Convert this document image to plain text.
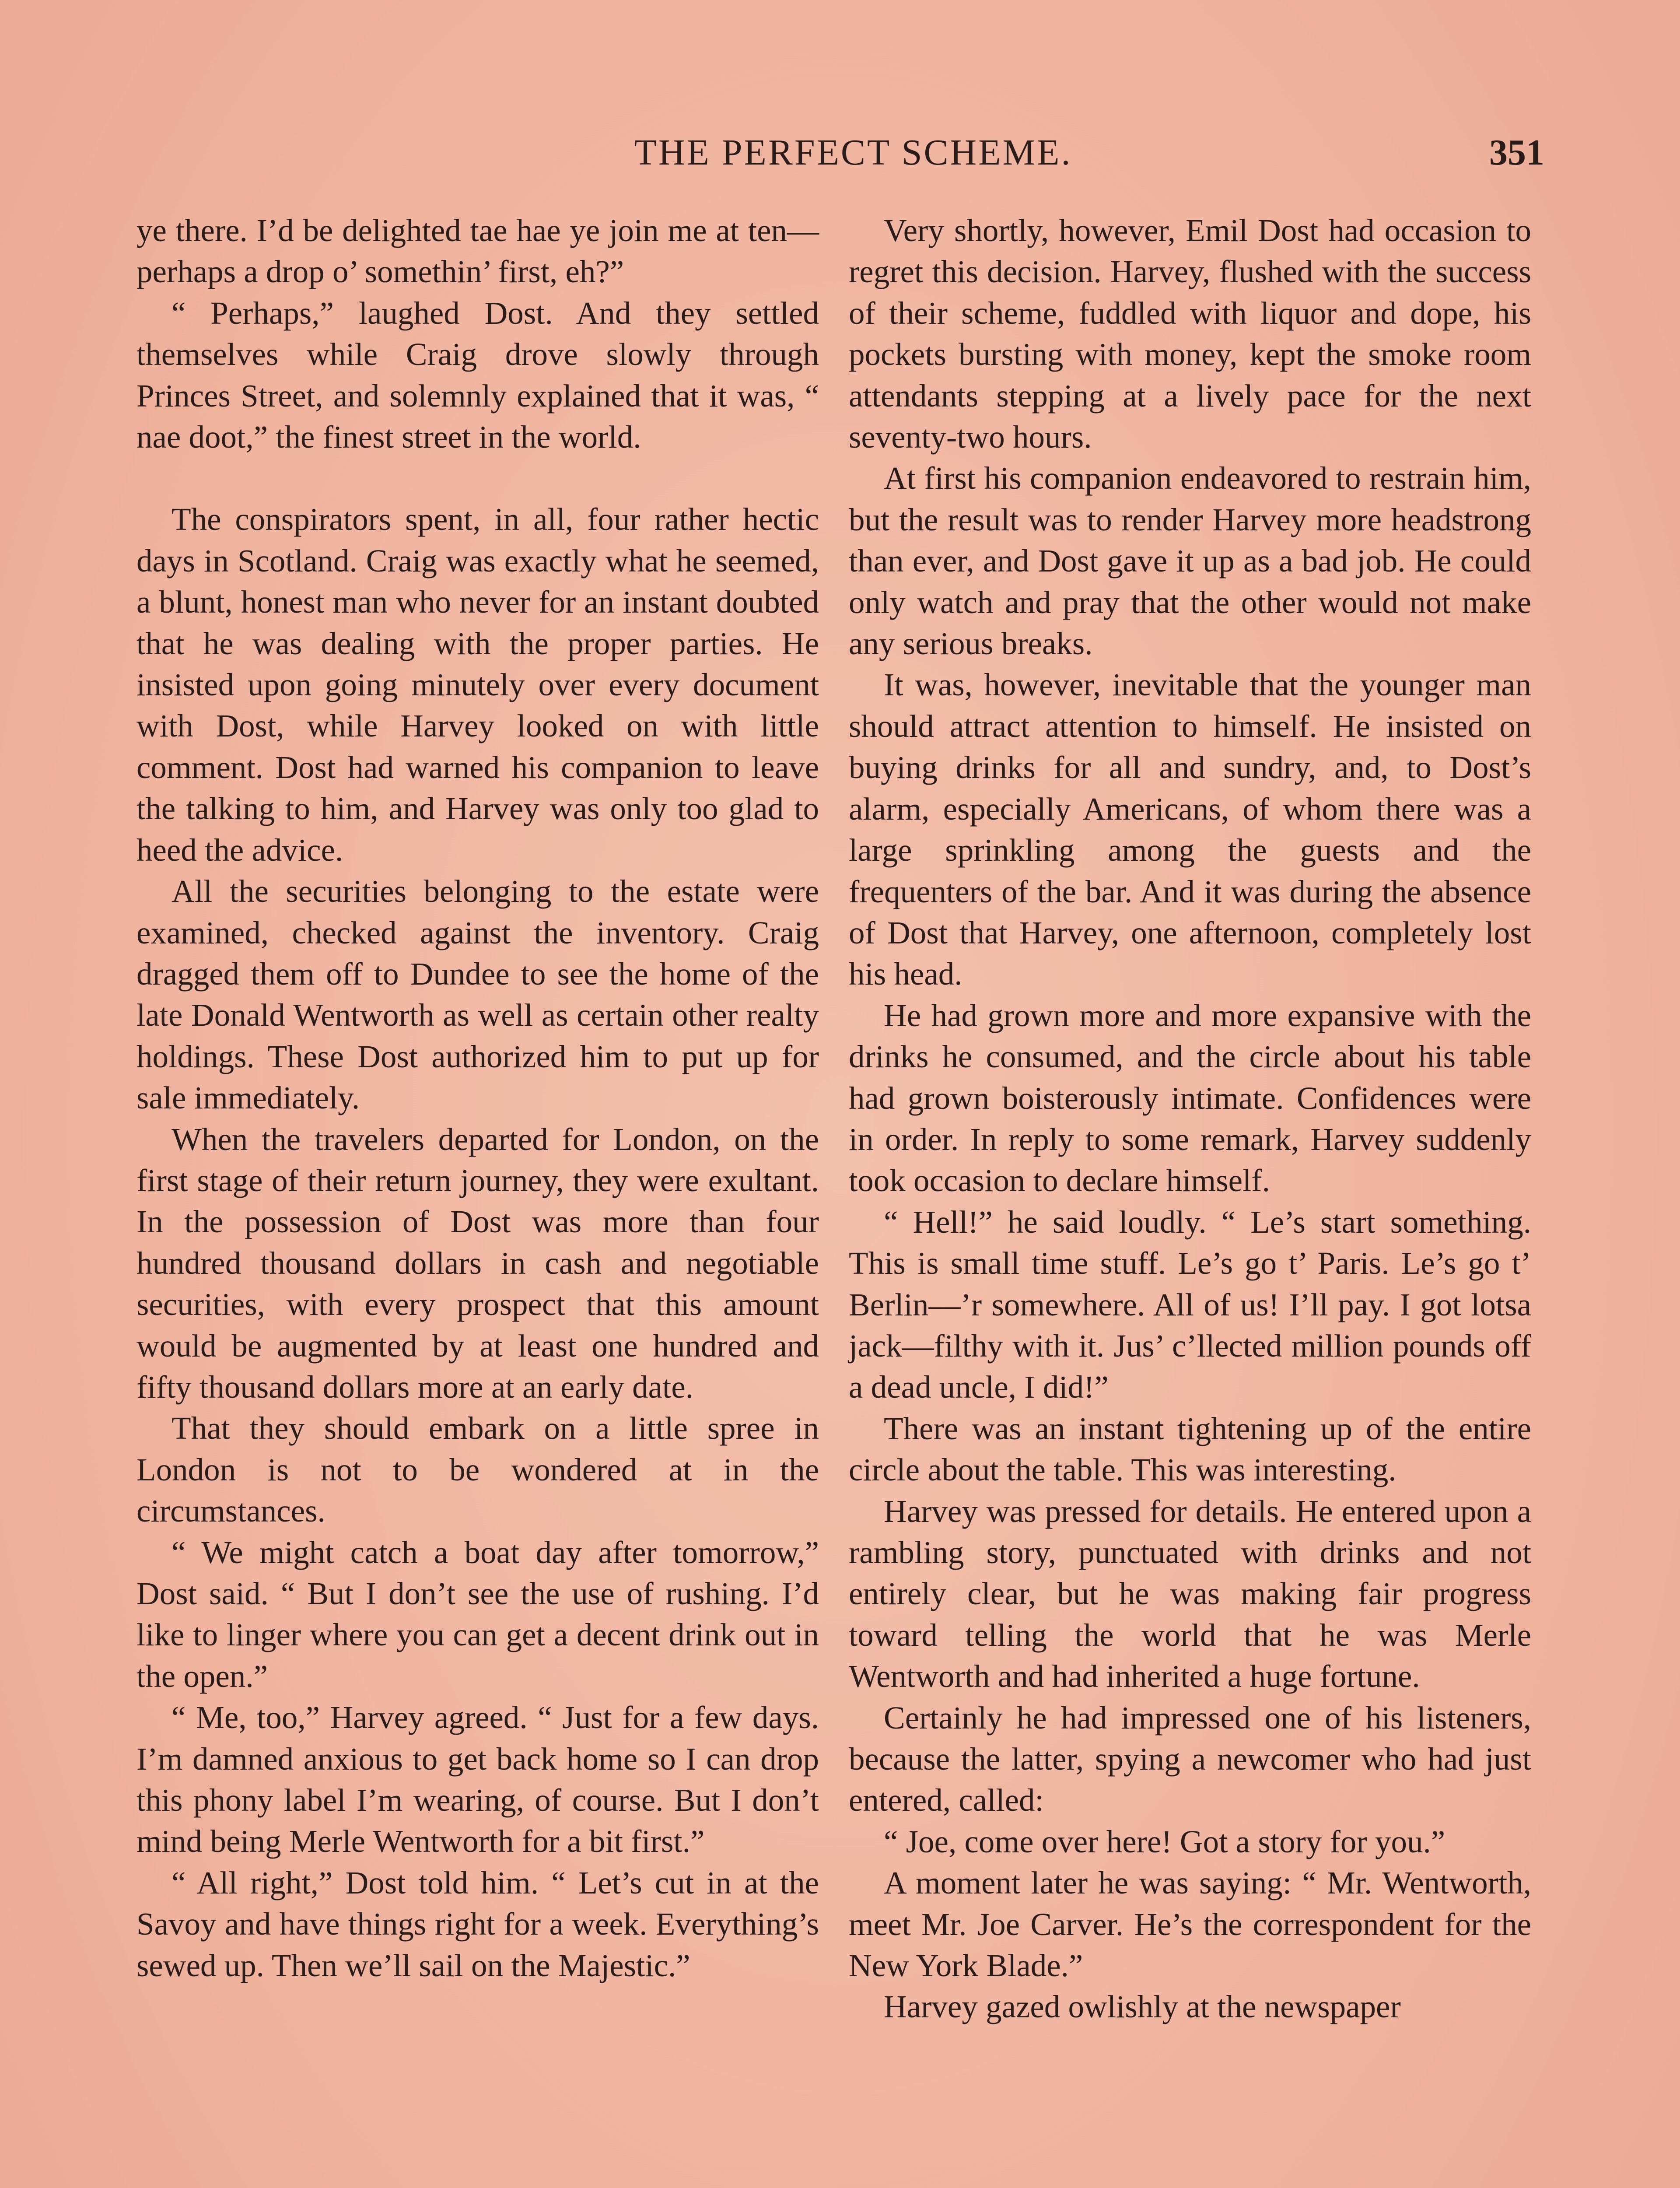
THE PERFECT SCHEME.	351

ye there. I’d be delighted tae hae ye join me at ten—perhaps a drop o’ somethin’ first, eh?”

“ Perhaps,” laughed Dost. And they settled themselves while Craig drove slowly through Princes Street, and solemnly explained that it was, “ nae doot,” the finest street in the world.

The conspirators spent, in all, four rather hectic days in Scotland. Craig was exactly what he seemed, a blunt, honest man who never for an instant doubted that he was dealing with the proper parties. He insisted upon going minutely over every document with Dost, while Harvey looked on with little comment. Dost had warned his companion to leave the talking to him, and Harvey was only too glad to heed the advice.

All the securities belonging to the estate were examined, checked against the inventory. Craig dragged them off to Dundee to see the home of the late Donald Wentworth as well as certain other realty holdings. These Dost authorized him to put up for sale immediately.

When the travelers departed for London, on the first stage of their return journey, they were exultant. In the possession of Dost was more than four hundred thousand dollars in cash and negotiable securities, with every prospect that this amount would be augmented by at least one hundred and fifty thousand dollars more at an early date.

That they should embark on a little spree in London is not to be wondered at in the circumstances.

“ We might catch a boat day after tomorrow,” Dost said. “ But I don’t see the use of rushing. I’d like to linger where you can get a decent drink out in the open.”

“ Me, too,” Harvey agreed. “ Just for a few days. I’m damned anxious to get back home so I can drop this phony label I’m wearing, of course. But I don’t mind being Merle Wentworth for a bit first.”

“ All right,” Dost told him. “ Let’s cut in at the Savoy and have things right for a week. Everything’s sewed up. Then we’ll sail on the Majestic.”

Very shortly, however, Emil Dost had occasion to regret this decision. Harvey, flushed with the success of their scheme, fuddled with liquor and dope, his pockets bursting with money, kept the smoke room attendants stepping at a lively pace for the next seventy-two hours.

At first his companion endeavored to restrain him, but the result was to render Harvey more headstrong than ever, and Dost gave it up as a bad job. He could only watch and pray that the other would not make any serious breaks.

It was, however, inevitable that the younger man should attract attention to himself. He insisted on buying drinks for all and sundry, and, to Dost’s alarm, especially Americans, of whom there was a large sprinkling among the guests and the frequenters of the bar. And it was during the absence of Dost that Harvey, one afternoon, completely lost his head.

He had grown more and more expansive with the drinks he consumed, and the circle about his table had grown boisterously intimate. Confidences were in order. In reply to some remark, Harvey suddenly took occasion to declare himself.

“ Hell!” he said loudly. “ Le’s start something. This is small time stuff. Le’s go t’ Paris. Le’s go t’ Berlin—’r somewhere. All of us! I’ll pay. I got lotsa jack—filthy with it. Jus’ c’llected million pounds off a dead uncle, I did!”

There was an instant tightening up of the entire circle about the table. This was interesting.

Harvey was pressed for details. He entered upon a rambling story, punctuated with drinks and not entirely clear, but he was making fair progress toward telling the world that he was Merle Wentworth and had inherited a huge fortune.

Certainly he had impressed one of his listeners, because the latter, spying a newcomer who had just entered, called:

“ Joe, come over here! Got a story for you.”

A moment later he was saying: “ Mr. Wentworth, meet Mr. Joe Carver. He’s the correspondent for the New York Blade.”

Harvey gazed owlishly at the newspaper
